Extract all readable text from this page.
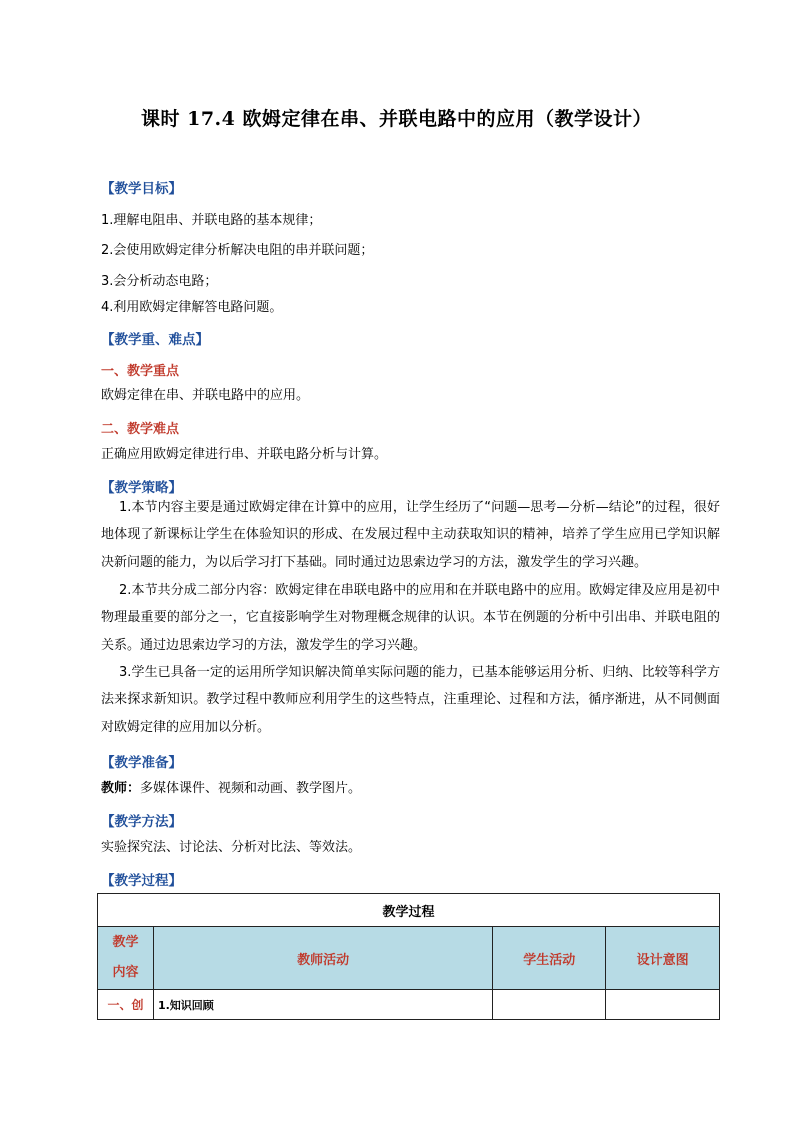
课时 17.4 欧姆定律在串、并联电路中的应用（教学设计）
【教学目标】
1.理解电阻串、并联电路的基本规律；
2.会使用欧姆定律分析解决电阻的串并联问题；
3.会分析动态电路；
4.利用欧姆定律解答电路问题。
【教学重、难点】
一、教学重点
欧姆定律在串、并联电路中的应用。
二、教学难点
正确应用欧姆定律进行串、并联电路分析与计算。
【教学策略】
1.本节内容主要是通过欧姆定律在计算中的应用，让学生经历了“问题—思考—分析—结论”的过程，很好地体现了新课标让学生在体验知识的形成、在发展过程中主动获取知识的精神，培养了学生应用已学知识解决新问题的能力，为以后学习打下基础。同时通过边思索边学习的方法，激发学生的学习兴趣。
2.本节共分成二部分内容：欧姆定律在串联电路中的应用和在并联电路中的应用。欧姆定律及应用是初中物理最重要的部分之一，它直接影响学生对物理概念规律的认识。本节在例题的分析中引出串、并联电阻的关系。通过边思索边学习的方法，激发学生的学习兴趣。
3.学生已具备一定的运用所学知识解决简单实际问题的能力，已基本能够运用分析、归纳、比较等科学方法来探求新知识。教学过程中教师应利用学生的这些特点，注重理论、过程和方法，循序渐进，从不同侧面对欧姆定律的应用加以分析。
【教学准备】
教师：多媒体课件、视频和动画、教学图片。
【教学方法】
实验探究法、讨论法、分析对比法、等效法。
【教学过程】
教学过程			
教学
内容	教师活动	学生活动	设计意图
一、创	1.知识回顾		
